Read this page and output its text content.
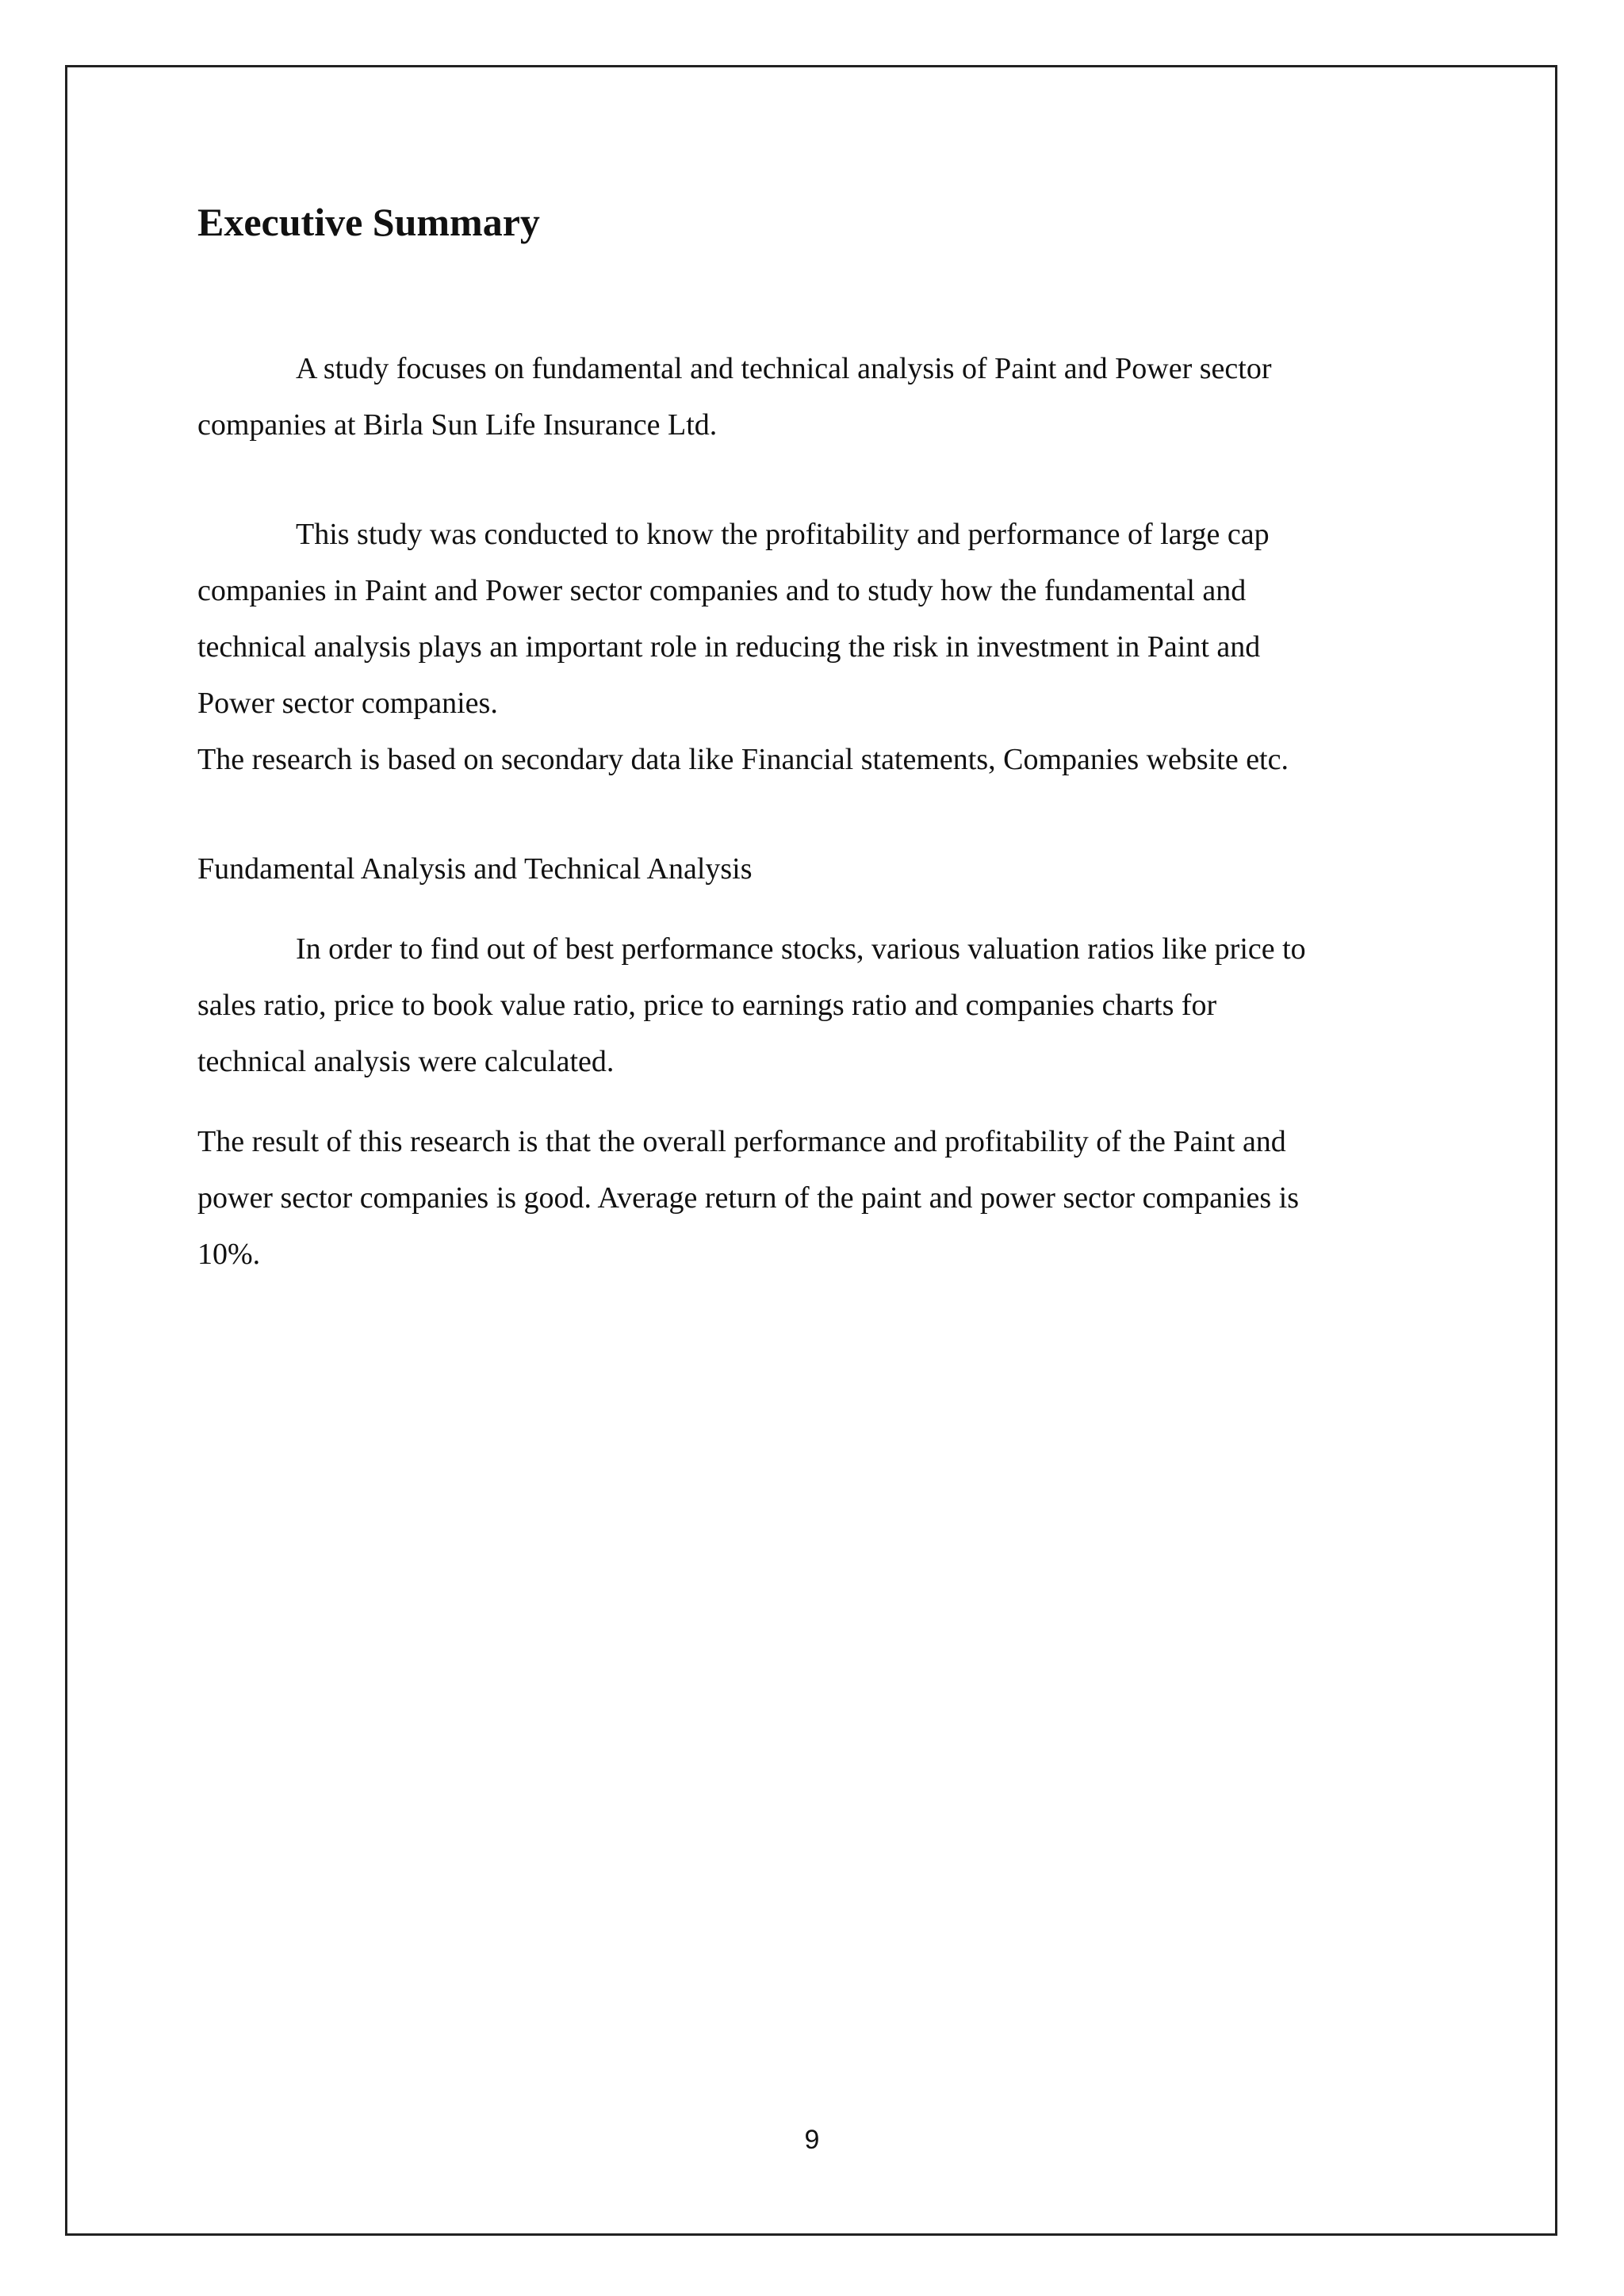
Executive Summary

A study focuses on fundamental and technical analysis of Paint and Power sector
companies at Birla Sun Life Insurance Ltd.

This study was conducted to know the profitability and performance of large cap
companies in Paint and Power sector companies and to study how the fundamental and
technical analysis plays an important role in reducing the risk in investment in Paint and
Power sector companies.

The research is based on secondary data like Financial statements, Companies website etc.

Fundamental Analysis and Technical Analysis

In order to find out of best performance stocks, various valuation ratios like price to
sales ratio, price to book value ratio, price to earnings ratio and companies charts for
technical analysis were calculated.

The result of this research is that the overall performance and profitability of the Paint and
power sector companies is good. Average return of the paint and power sector companies is
10%.

9
